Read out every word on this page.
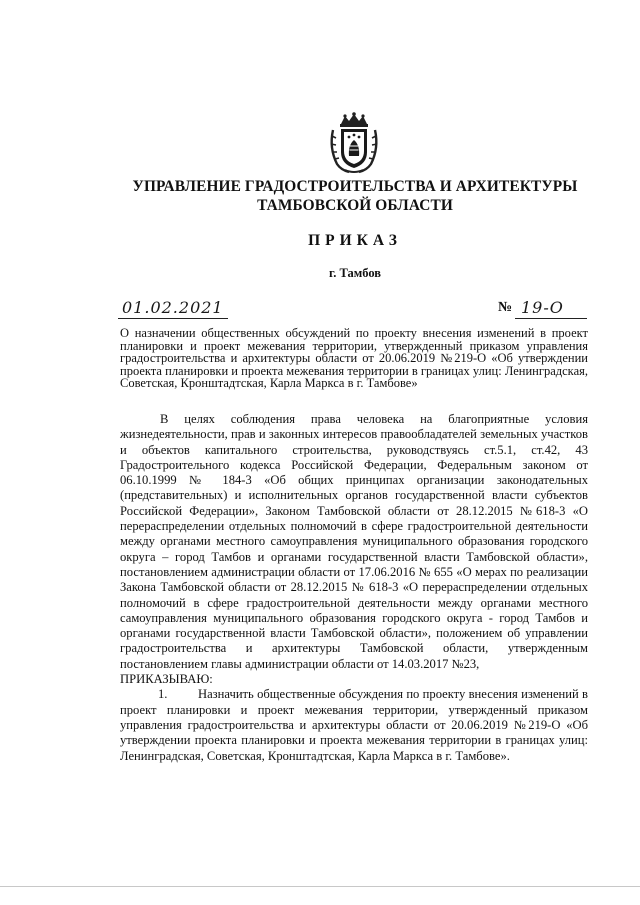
УПРАВЛЕНИЕ ГРАДОСТРОИТЕЛЬСТВА И АРХИТЕКТУРЫ
ТАМБОВСКОЙ ОБЛАСТИ
ПРИКАЗ
г. Тамбов
01.02.2021	№ 19-О
О назначении общественных обсуждений по проекту внесения изменений в проект планировки и проект межевания территории, утвержденный приказом управления градостроительства и архитектуры области от 20.06.2019 №219-О «Об утверждении проекта планировки и проекта межевания территории в границах улиц: Ленинградская, Советская, Кронштадтская, Карла Маркса в г. Тамбове»

В целях соблюдения права человека на благоприятные условия жизнедеятельности, прав и законных интересов правообладателей земельных участков и объектов капитального строительства, руководствуясь ст.5.1, ст.42, 43 Градостроительного кодекса Российской Федерации, Федеральным законом от 06.10.1999 № 184-3 «Об общих принципах организации законодательных (представительных) и исполнительных органов государственной власти субъектов Российской Федерации», Законом Тамбовской области от 28.12.2015 №618-3 «О перераспределении отдельных полномочий в сфере градостроительной деятельности между органами местного самоуправления муниципального образования городского округа – город Тамбов и органами государственной власти Тамбовской области», постановлением администрации области от 17.06.2016 № 655 «О мерах по реализации Закона Тамбовской области от 28.12.2015 № 618-3 «О перераспределении отдельных полномочий в сфере градостроительной деятельности между органами местного самоуправления муниципального образования городского округа - город Тамбов и органами государственной власти Тамбовской области», положением об управлении градостроительства и архитектуры Тамбовской области, утвержденным постановлением главы администрации области от 14.03.2017 №23,

ПРИКАЗЫВАЮ:

1. Назначить общественные обсуждения по проекту внесения изменений в проект планировки и проект межевания территории, утвержденный приказом управления градостроительства и архитектуры области от 20.06.2019 №219-О «Об утверждении проекта планировки и проекта межевания территории в границах улиц: Ленинградская, Советская, Кронштадтская, Карла Маркса в г. Тамбове».
